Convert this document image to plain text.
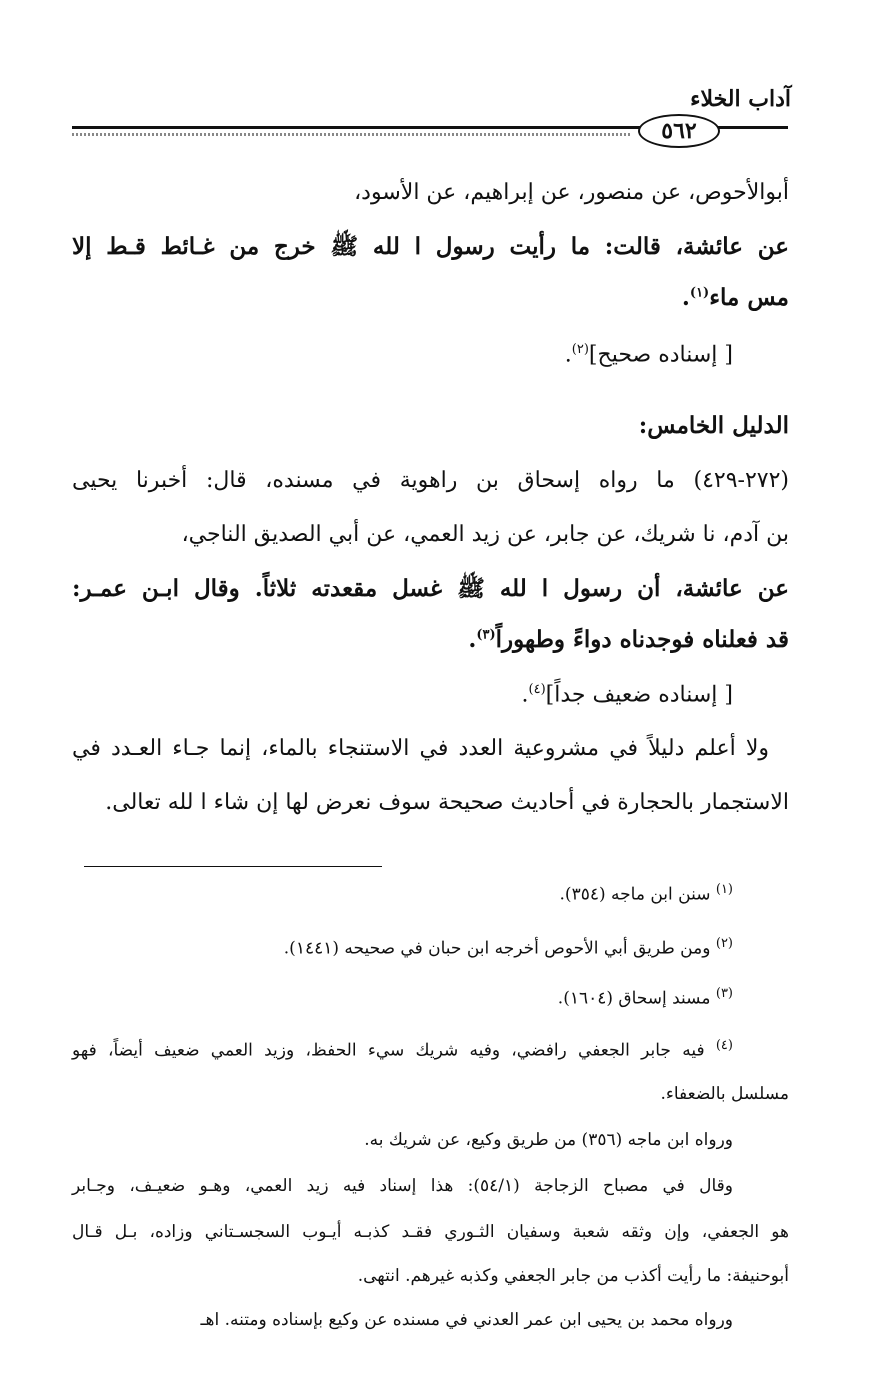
آداب الخلاء
٥٦٢
أبوالأحوص، عن منصور، عن إبراهيم، عن الأسود،
عن عائشة، قالت: ما رأيت رسول ا لله ﷺ خرج من غـائط قـط إلا
مس ماء$^{(١)}$.
[ إسناده صحيح]$^{(٢)}$.
الدليل الخامس:
(٢٧٢-٤٢٩) ما رواه إسحاق بن راهوية في مسنده، قال: أخبرنا يحيى
بن آدم، نا شريك، عن جابر، عن زيد العمي، عن أبي الصديق الناجي،
عن عائشة، أن رسول ا لله ﷺ غسل مقعدته ثلاثاً. وقال ابـن عمـر:
قد فعلناه فوجدناه دواءً وطهوراً$^{(٣)}$.
[ إسناده ضعيف جداً]$^{(٤)}$.
ولا أعلم دليلاً في مشروعية العدد في الاستنجاء بالماء، إنما جـاء العـدد في
الاستجمار بالحجارة في أحاديث صحيحة سوف نعرض لها إن شاء ا لله تعالى.
$^{(١)}$ سنن ابن ماجه (٣٥٤).
$^{(٢)}$ ومن طريق أبي الأحوص أخرجه ابن حبان في صحيحه (١٤٤١).
$^{(٣)}$ مسند إسحاق (١٦٠٤).
$^{(٤)}$ فيه جابر الجعفي رافضي، وفيه شريك سيء الحفظ، وزيد العمي ضعيف أيضاً، فهو
مسلسل بالضعفاء.
ورواه ابن ماجه (٣٥٦) من طريق وكيع، عن شريك به.
وقال في مصباح الزجاجة (٥٤/١): هذا إسناد فيه زيد العمي، وهـو ضعيـف، وجـابر
هو الجعفي، وإن وثقه شعبة وسفيان الثـوري فقـد كذبـه أيـوب السجسـتاني وزاده، بـل قـال
أبوحنيفة: ما رأيت أكذب من جابر الجعفي وكذبه غيرهم. انتهى.
ورواه محمد بن يحيى ابن عمر العدني في مسنده عن وكيع بإسناده ومتنه. اهـ
